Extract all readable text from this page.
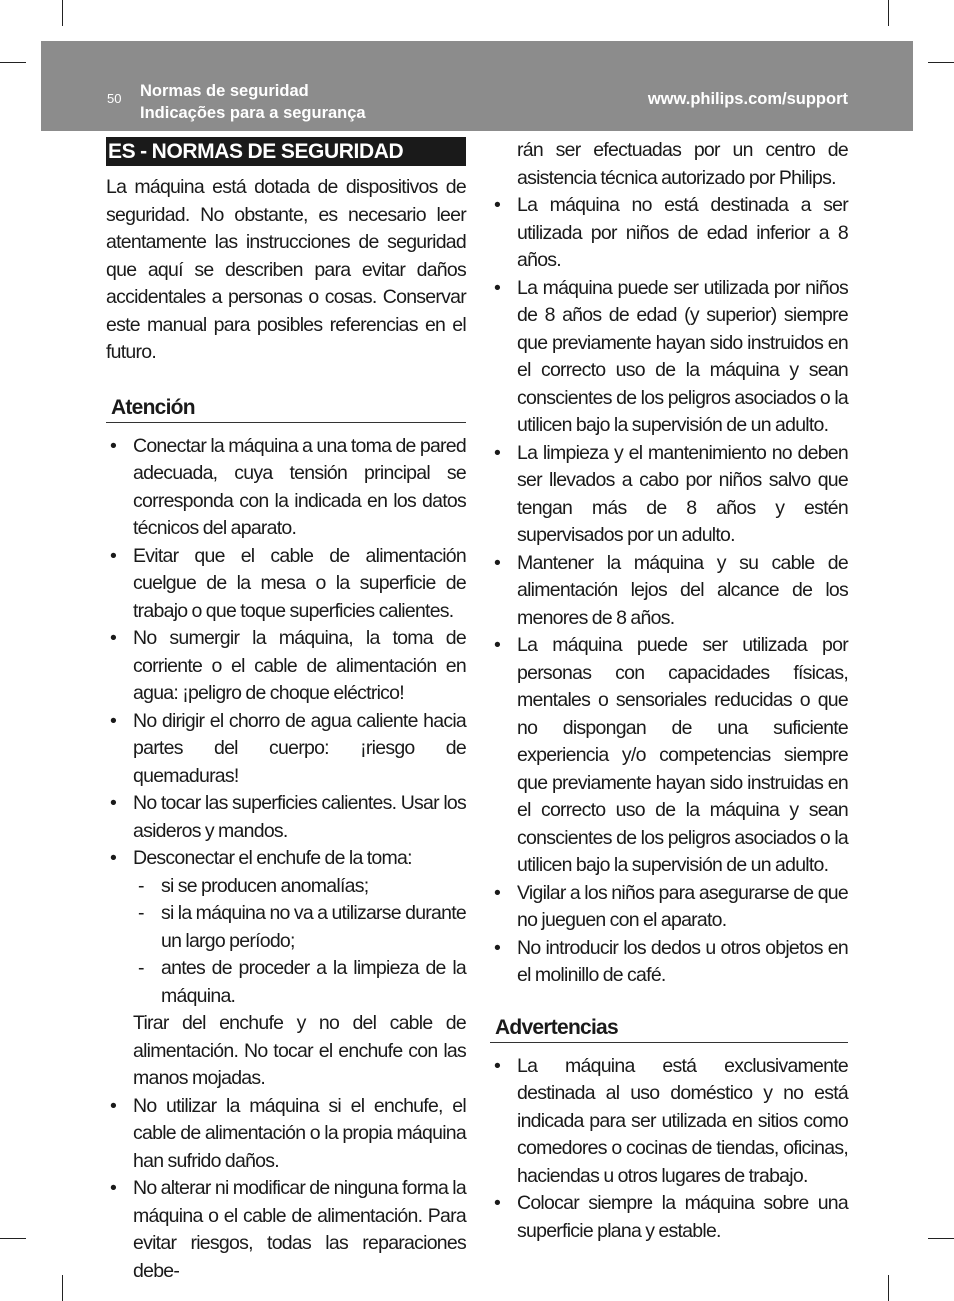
50 Normas de seguridad
Indicações para a segurança
www.philips.com/support
ES - NORMAS DE SEGURIDAD

La máquina está dotada de dispositivos de seguridad. No obstante, es necesario leer atentamente las instrucciones de seguridad que aquí se describen para evitar daños accidentales a personas o cosas. Conservar este manual para posibles referencias en el futuro.

Atención
• Conectar la máquina a una toma de pared adecuada, cuya tensión principal se corresponda con la indicada en los datos técnicos del aparato.
• Evitar que el cable de alimentación cuelgue de la mesa o la superficie de trabajo o que toque superficies calientes.
• No sumergir la máquina, la toma de corriente o el cable de alimentación en agua: ¡peligro de choque eléctrico!
• No dirigir el chorro de agua caliente hacia partes del cuerpo: ¡riesgo de quemaduras!
• No tocar las superficies calientes. Usar los asideros y mandos.
• Desconectar el enchufe de la toma:
- si se producen anomalías;
- si la máquina no va a utilizarse durante un largo período;
- antes de proceder a la limpieza de la máquina.
Tirar del enchufe y no del cable de alimentación. No tocar el enchufe con las manos mojadas.
• No utilizar la máquina si el enchufe, el cable de alimentación o la propia máquina han sufrido daños.
• No alterar ni modificar de ninguna forma la máquina o el cable de alimentación. Para evitar riesgos, todas las reparaciones debe-
rán ser efectuadas por un centro de asistencia técnica autorizado por Philips.
• La máquina no está destinada a ser utilizada por niños de edad inferior a 8 años.
• La máquina puede ser utilizada por niños de 8 años de edad (y superior) siempre que previamente hayan sido instruidos en el correcto uso de la máquina y sean conscientes de los peligros asociados o la utilicen bajo la supervisión de un adulto.
• La limpieza y el mantenimiento no deben ser llevados a cabo por niños salvo que tengan más de 8 años y estén supervisados por un adulto.
• Mantener la máquina y su cable de alimentación lejos del alcance de los menores de 8 años.
• La máquina puede ser utilizada por personas con capacidades físicas, mentales o sensoriales reducidas o que no dispongan de una suficiente experiencia y/o competencias siempre que previamente hayan sido instruidas en el correcto uso de la máquina y sean conscientes de los peligros asociados o la utilicen bajo la supervisión de un adulto.
• Vigilar a los niños para asegurarse de que no jueguen con el aparato.
• No introducir los dedos u otros objetos en el molinillo de café.
Advertencias
• La máquina está exclusivamente destinada al uso doméstico y no está indicada para ser utilizada en sitios como comedores o cocinas de tiendas, oficinas, haciendas u otros lugares de trabajo.
• Colocar siempre la máquina sobre una superficie plana y estable.
